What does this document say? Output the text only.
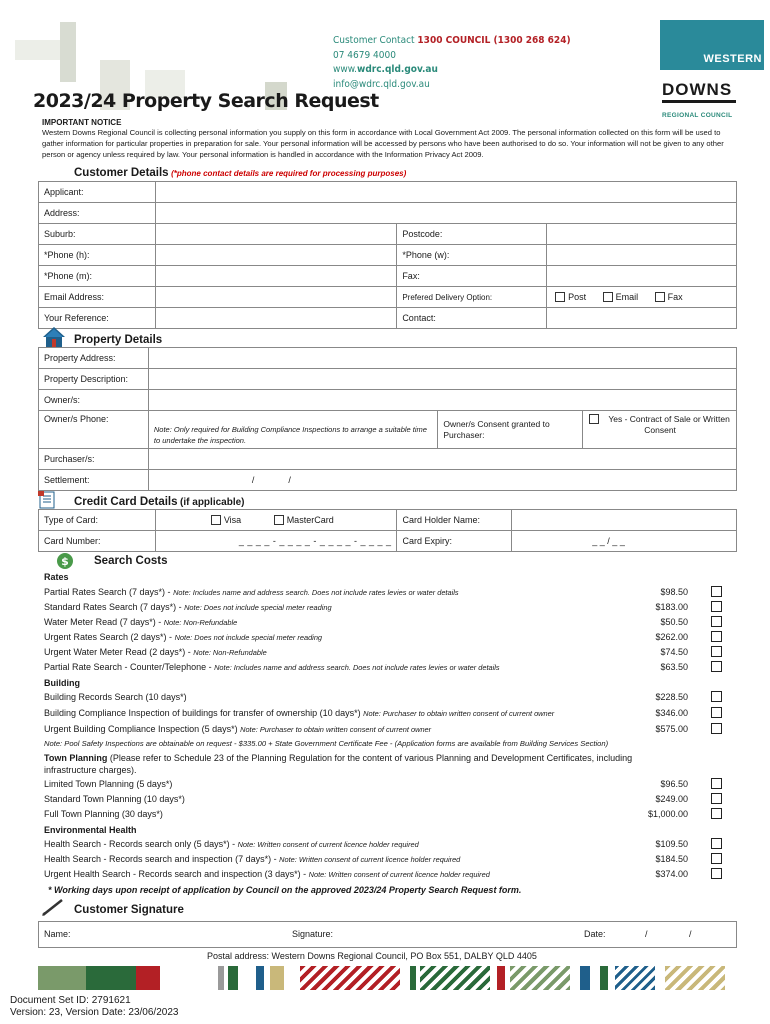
Customer Contact 1300 COUNCIL (1300 268 624)
07 4679 4000
www.wdrc.qld.gov.au
info@wdrc.qld.gov.au
WESTERN
DOWNS
REGIONAL COUNCIL
2023/24 Property Search Request
IMPORTANT NOTICE
Western Downs Regional Council is collecting personal information you supply on this form in accordance with Local Government Act 2009. The personal information collected on this form will be used to gather information for particular properties in preparation for sale. Your personal information will be accessed by persons who have been authorised to do so. Your information will not be given to any other person or agency unless required by law. Your personal information is handled in accordance with the Information Privacy Act 2009.
Customer Details (*phone contact details are required for processing purposes)
Applicant:			
Address:			
Suburb:		Postcode:	
*Phone (h):		*Phone (w):	
*Phone (m):		Fax:	
Email Address:		Prefered Delivery Option:	Post Email Fax
Your Reference:		Contact:	
Property Details
Property Address:			
Property Description:			
Owner/s:			
Owner/s Phone:	Note: Only required for Building Compliance Inspections to arrange a suitable time to undertake the inspection.	Owner/s Consent granted to Purchaser:	Yes - Contract of Sale or Written Consent

Purchaser/s:			
Settlement:	/ /		
Credit Card Details (if applicable)
Type of Card:	Visa MasterCard	Card Holder Name:	
Card Number:	_ _ _ _ - _ _ _ _ - _ _ _ _ - _ _ _ _	Card Expiry:	_ _ / _ _
$ Search Costs
Rates
Partial Rates Search (7 days*) - Note: Includes name and address search. Does not include rates levies or water details	$98.50
Standard Rates Search (7 days*) - Note: Does not include special meter reading	$183.00
Water Meter Read (7 days*) - Note: Non-Refundable	$50.50
Urgent Rates Search (2 days*) - Note: Does not include special meter reading	$262.00
Urgent Water Meter Read (2 days*) - Note: Non-Refundable	$74.50
Partial Rate Search - Counter/Telephone - Note: Includes name and address search. Does not include rates levies or water details	$63.50
Building
Building Records Search (10 days*)	$228.50
Building Compliance Inspection of buildings for transfer of ownership (10 days*) Note: Purchaser to obtain written consent of current owner	$346.00
Urgent Building Compliance Inspection (5 days*) Note: Purchaser to obtain written consent of current owner	$575.00
Note: Pool Safety Inspections are obtainable on request - $335.00 + State Government Certificate Fee - (Application forms are available from Building Services Section)
Town Planning (Please refer to Schedule 23 of the Planning Regulation for the content of various Planning and Development Certificates, including infrastructure charges).
Limited Town Planning (5 days*)	$96.50
Standard Town Planning (10 days*)	$249.00
Full Town Planning (30 days*)	$1,000.00
Environmental Health
Health Search - Records search only (5 days*) - Note: Written consent of current licence holder required	$109.50
Health Search - Records search and inspection (7 days*) - Note: Written consent of current licence holder required	$184.50
Urgent Health Search - Records search and inspection (3 days*) - Note: Written consent of current licence holder required	$374.00
* Working days upon receipt of application by Council on the approved 2023/24 Property Search Request form.
Customer Signature
Name:	Signature:	Date:	/	/
Postal address: Western Downs Regional Council, PO Box 551, DALBY QLD 4405
Document Set ID: 2791621
Version: 23, Version Date: 23/06/2023
